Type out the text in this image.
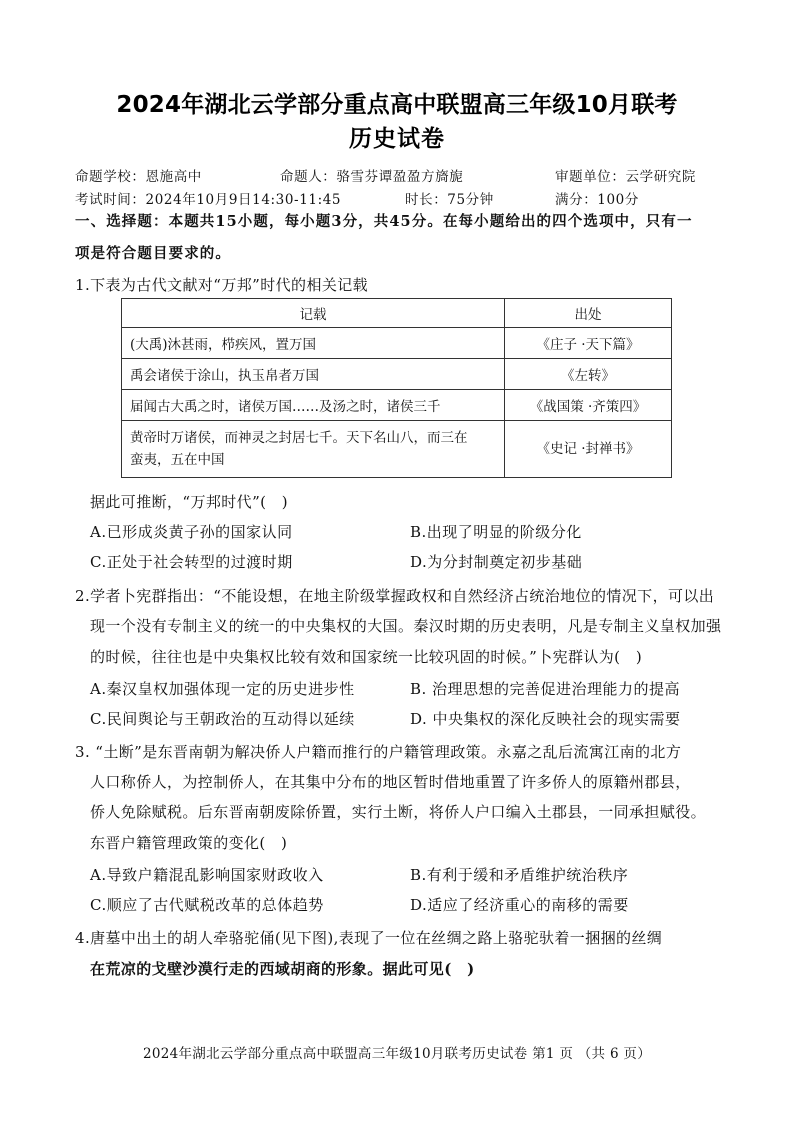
2024年湖北云学部分重点高中联盟高三年级10月联考
历史试卷
命题学校：恩施高中	命题人：骆雪芬谭盈盈方旖旎	审题单位：云学研究院
考试时间：2024年10月9日14:30-11:45	时长：75分钟	满分：100分
一、选择题：本题共15小题，每小题3分，共45分。在每小题给出的四个选项中，只有一
项是符合题目要求的。
1.下表为古代文献对“万邦”时代的相关记载
记载	出处
(大禹)沐甚雨，栉疾风，置万国	《庄子 ·天下篇》
禹会诸侯于涂山，执玉帛者万国	《左转》
届闻古大禹之时，诸侯万国……及汤之时，诸侯三千	《战国策 ·齐策四》

黄帝时万诸侯，而神灵之封居七千。天下名山八，而三在
蛮夷，五在中国	《史记 ·封禅书》
据此可推断，“万邦时代”(　)
A.已形成炎黄子孙的国家认同	B.出现了明显的阶级分化
C.正处于社会转型的过渡时期	D.为分封制奠定初步基础
2.学者卜宪群指出：“不能设想，在地主阶级掌握政权和自然经济占统治地位的情况下，可以出
现一个没有专制主义的统一的中央集权的大国。秦汉时期的历史表明，凡是专制主义皇权加强
的时候，往往也是中央集权比较有效和国家统一比较巩固的时候。”卜宪群认为(　)
A.秦汉皇权加强体现一定的历史进步性	B. 治理思想的完善促进治理能力的提高
C.民间舆论与王朝政治的互动得以延续	D. 中央集权的深化反映社会的现实需要
3. “土断”是东晋南朝为解决侨人户籍而推行的户籍管理政策。永嘉之乱后流寓江南的北方
人口称侨人，为控制侨人，在其集中分布的地区暂时借地重置了许多侨人的原籍州郡县，
侨人免除赋税。后东晋南朝废除侨置，实行土断，将侨人户口编入土郡县，一同承担赋役。
东晋户籍管理政策的变化(　)
A.导致户籍混乱影响国家财政收入	B.有利于缓和矛盾维护统治秩序
C.顺应了古代赋税改革的总体趋势	D.适应了经济重心的南移的需要
4.唐墓中出土的胡人牵骆驼俑(见下图),表现了一位在丝绸之路上骆驼驮着一捆捆的丝绸
在荒凉的戈壁沙漠行走的西域胡商的形象。据此可见(　)
2024年湖北云学部分重点高中联盟高三年级10月联考历史试卷 第1 页 （共 6 页）
